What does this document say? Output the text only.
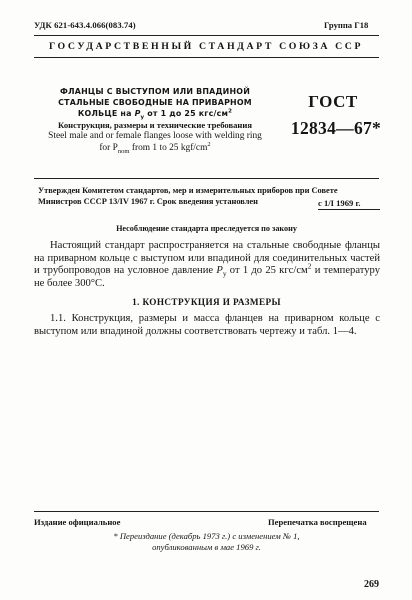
УДК 621-643.4.066(083.74)	Группа Г18
ГОСУДАРСТВЕННЫЙ СТАНДАРТ СОЮЗА ССР
ФЛАНЦЫ С ВЫСТУПОМ ИЛИ ВПАДИНОЙ
СТАЛЬНЫЕ СВОБОДНЫЕ НА ПРИВАРНОМ
КОЛЬЦЕ на $P_у$ от 1 до 25 кгс/$см^2$
Конструкция, размеры и технические требования
Steel male and or female flanges loose with welding ring
for $P_{nom}$ from 1 to 25 kgf/$cm^2$
ГОСТ
12834—67*
Утвержден Комитетом стандартов, мер и измерительных приборов при Совете Министров СССР 13/IV 1967 г. Срок введения установлен	с 1/I 1969 г.
Несоблюдение стандарта преследуется по закону
Настоящий стандарт распространяется на стальные свободные фланцы на приварном кольце с выступом или впадиной для соединительных частей и трубопроводов на условное давление $P_у$ от 1 до 25 кгс/$см^2$ и температуру не более 300°С.
1. КОНСТРУКЦИЯ И РАЗМЕРЫ
1.1. Конструкция, размеры и масса фланцев на приварном кольце с выступом или впадиной должны соответствовать чертежу и табл. 1—4.
Издание официальное	Перепечатка воспрещена
* Переиздание (декабрь 1973 г.) с изменением № 1,
опубликованным в мае 1969 г.
269
